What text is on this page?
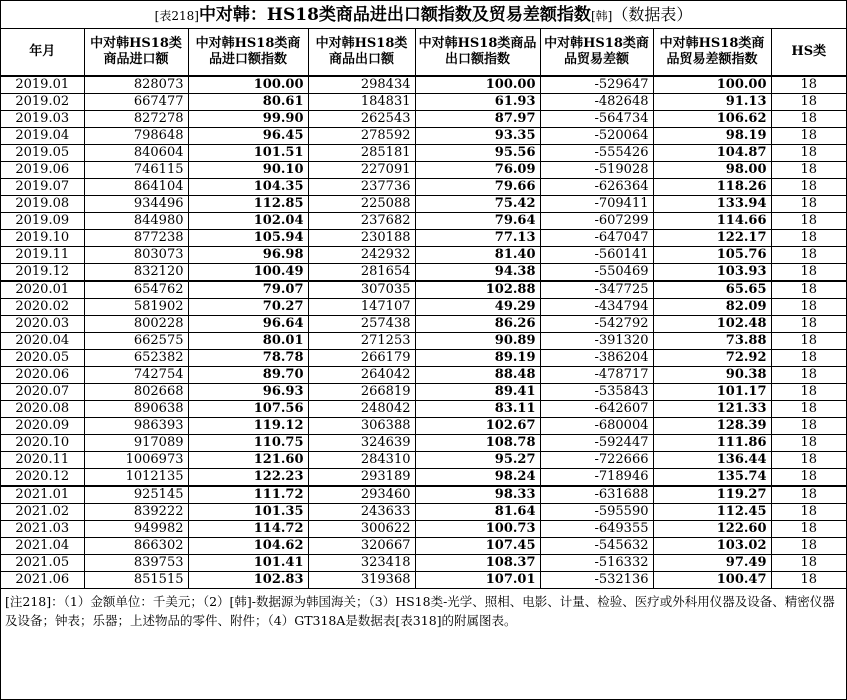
[表218]中对韩：HS18类商品进出口额指数及贸易差额指数[韩]（数据表）
年月	中对韩HS18类商品进口额	中对韩HS18类商品进口额指数	中对韩HS18类商品出口额	中对韩HS18类商品出口额指数	中对韩HS18类商品贸易差额	中对韩HS18类商品贸易差额指数	HS类
2019.01	828073	100.00	298434	100.00	-529647	100.00	18
2019.02	667477	80.61	184831	61.93	-482648	91.13	18
2019.03	827278	99.90	262543	87.97	-564734	106.62	18
2019.04	798648	96.45	278592	93.35	-520064	98.19	18
2019.05	840604	101.51	285181	95.56	-555426	104.87	18
2019.06	746115	90.10	227091	76.09	-519028	98.00	18
2019.07	864104	104.35	237736	79.66	-626364	118.26	18
2019.08	934496	112.85	225088	75.42	-709411	133.94	18
2019.09	844980	102.04	237682	79.64	-607299	114.66	18
2019.10	877238	105.94	230188	77.13	-647047	122.17	18
2019.11	803073	96.98	242932	81.40	-560141	105.76	18
2019.12	832120	100.49	281654	94.38	-550469	103.93	18
2020.01	654762	79.07	307035	102.88	-347725	65.65	18
2020.02	581902	70.27	147107	49.29	-434794	82.09	18
2020.03	800228	96.64	257438	86.26	-542792	102.48	18
2020.04	662575	80.01	271253	90.89	-391320	73.88	18
2020.05	652382	78.78	266179	89.19	-386204	72.92	18
2020.06	742754	89.70	264042	88.48	-478717	90.38	18
2020.07	802668	96.93	266819	89.41	-535843	101.17	18
2020.08	890638	107.56	248042	83.11	-642607	121.33	18
2020.09	986393	119.12	306388	102.67	-680004	128.39	18
2020.10	917089	110.75	324639	108.78	-592447	111.86	18
2020.11	1006973	121.60	284310	95.27	-722666	136.44	18
2020.12	1012135	122.23	293189	98.24	-718946	135.74	18
2021.01	925145	111.72	293460	98.33	-631688	119.27	18
2021.02	839222	101.35	243633	81.64	-595590	112.45	18
2021.03	949982	114.72	300622	100.73	-649355	122.60	18
2021.04	866302	104.62	320667	107.45	-545632	103.02	18
2021.05	839753	101.41	323418	108.37	-516332	97.49	18
2021.06	851515	102.83	319368	107.01	-532136	100.47	18
[注218]：（1）金额单位：千美元；（2）[韩]-数据源为韩国海关；（3）HS18类-光学、照相、电影、计量、检验、医疗或外科用仪器及设备、精密仪器及设备；钟表；乐器；上述物品的零件、附件；（4）GT318A是数据表[表318]的附属图表。
